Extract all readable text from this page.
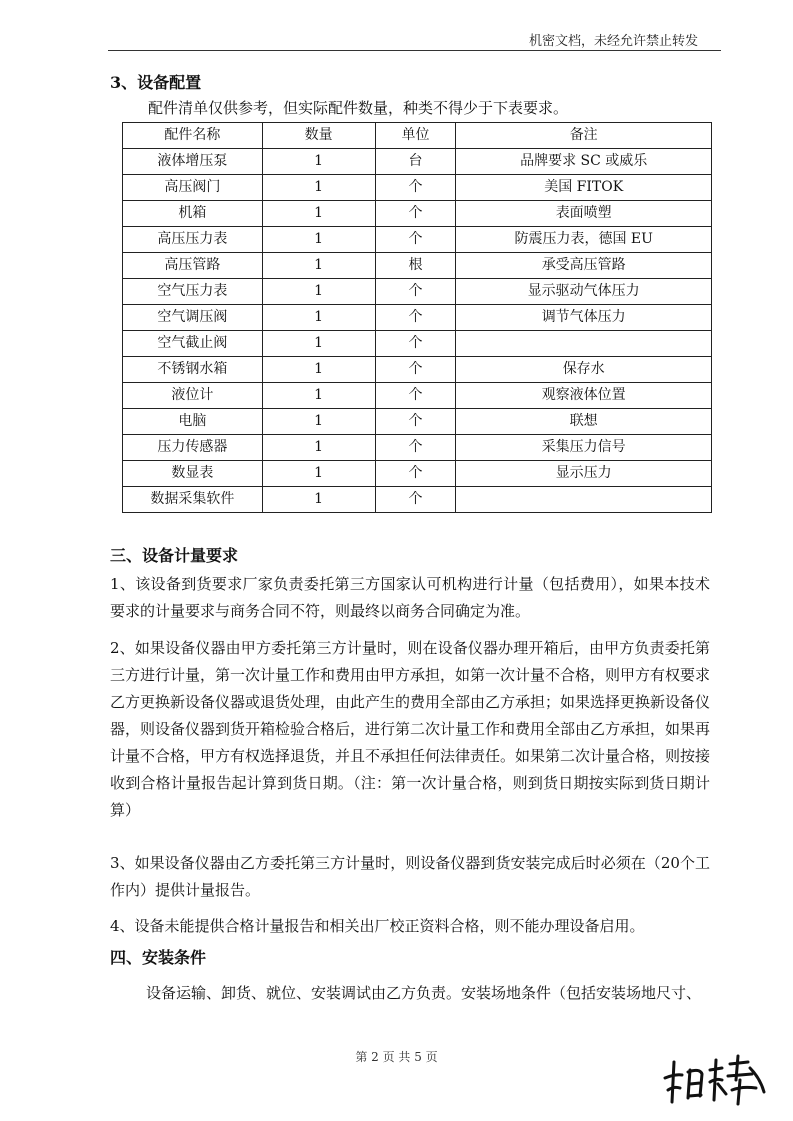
机密文档，未经允许禁止转发
3、设备配置
配件清单仅供参考，但实际配件数量，种类不得少于下表要求。
配件名称	数量	单位	备注
液体增压泵	1	台	品牌要求 SC 或威乐
高压阀门	1	个	美国 FITOK
机箱	1	个	表面喷塑
高压压力表	1	个	防震压力表，德国 EU
高压管路	1	根	承受高压管路
空气压力表	1	个	显示驱动气体压力
空气调压阀	1	个	调节气体压力
空气截止阀	1	个	
不锈钢水箱	1	个	保存水
液位计	1	个	观察液体位置
电脑	1	个	联想
压力传感器	1	个	采集压力信号
数显表	1	个	显示压力
数据采集软件	1	个	
三、设备计量要求

1、该设备到货要求厂家负责委托第三方国家认可机构进行计量（包括费用），如果本技术要求的计量要求与商务合同不符，则最终以商务合同确定为准。

2、如果设备仪器由甲方委托第三方计量时，则在设备仪器办理开箱后，由甲方负责委托第三方进行计量，第一次计量工作和费用由甲方承担，如第一次计量不合格，则甲方有权要求乙方更换新设备仪器或退货处理，由此产生的费用全部由乙方承担；如果选择更换新设备仪器，则设备仪器到货开箱检验合格后，进行第二次计量工作和费用全部由乙方承担，如果再计量不合格，甲方有权选择退货，并且不承担任何法律责任。如果第二次计量合格，则按接收到合格计量报告起计算到货日期。（注：第一次计量合格，则到货日期按实际到货日期计算）

3、如果设备仪器由乙方委托第三方计量时，则设备仪器到货安装完成后时必须在（20个工作内）提供计量报告。

4、设备未能提供合格计量报告和相关出厂校正资料合格，则不能办理设备启用。

四、安装条件

设备运输、卸货、就位、安装调试由乙方负责。安装场地条件（包括安装场地尺寸、

第 2 页 共 5 页
